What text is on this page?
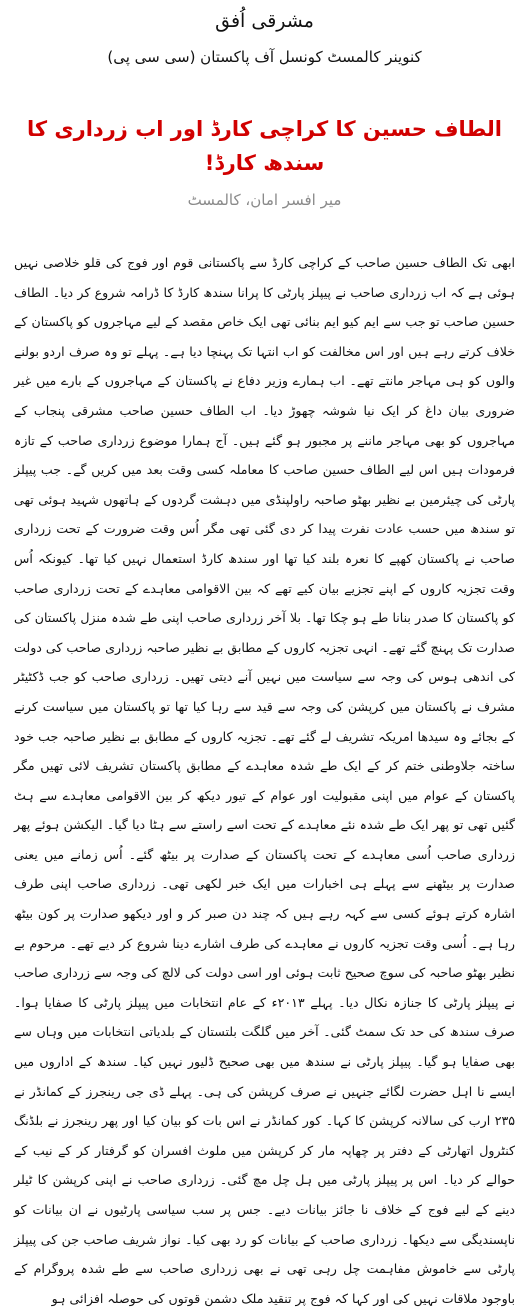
مشرقی اُفق

کنوینر کالمسٹ کونسل آف پاکستان (سی سی پی)

الطاف حسین کا کراچی کارڈ اور اب زرداری کا سندھ کارڈ!

میر افسر امان، کالمسٹ

ابھی تک الطاف حسین صاحب کے کراچی کارڈ سے پاکستانی قوم اور فوج کی قلو خلاصی نہیں ہوئی ہے کہ اب زرداری صاحب نے پیپلز پارٹی کا پرانا سندھ کارڈ کا ڈرامہ شروع کر دیا۔ الطاف حسین صاحب تو جب سے ایم کیو ایم بنائی تھی ایک خاص مقصد کے لیے مہاجروں کو پاکستان کے خلاف کرتے رہے ہیں اور اس مخالفت کو اب انتہا تک پہنچا دیا ہے۔ پہلے تو وہ صرف اردو بولنے والوں کو ہی مہاجر مانتے تھے۔ اب ہمارے وزیر دفاع نے پاکستان کے مہاجروں کے بارے میں غیر ضروری بیان داغ کر ایک نیا شوشہ چھوڑ دیا۔ اب الطاف حسین صاحب مشرقی پنجاب کے مہاجروں کو بھی مہاجر ماننے پر مجبور ہو گئے ہیں۔ آج ہمارا موضوع زرداری صاحب کے تازہ فرمودات ہیں اس لیے الطاف حسین صاحب کا معاملہ کسی وقت بعد میں کریں گے۔ جب پیپلز پارٹی کی چیئرمین بے نظیر بھٹو صاحبہ راولپنڈی میں دہشت گردوں کے ہاتھوں شہید ہوئی تھی تو سندھ میں حسب عادت نفرت پیدا کر دی گئی تھی مگر اُس وقت ضرورت کے تحت زرداری صاحب نے پاکستان کھپے کا نعرہ بلند کیا تھا اور سندھ کارڈ استعمال نہیں کیا تھا۔ کیونکہ اُس وقت تجزیہ کاروں کے اپنے تجزیے بیان کیے تھے کہ بین الاقوامی معاہدے کے تحت زرداری صاحب کو پاکستان کا صدر بنانا طے ہو چکا تھا۔ بلا آخر زرداری صاحب اپنی طے شدہ منزل پاکستان کی صدارت تک پہنچ گئے تھے۔ انہی تجزیہ کاروں کے مطابق بے نظیر صاحبہ زرداری صاحب کی دولت کی اندھی ہوس کی وجہ سے سیاست میں نہیں آنے دیتی تھیں۔ زرداری صاحب کو جب ڈکٹیٹر مشرف نے پاکستان میں کرپشن کی وجہ سے قید سے رہا کیا تھا تو پاکستان میں سیاست کرنے کے بجائے وہ سیدھا امریکہ تشریف لے گئے تھے۔ تجزیہ کاروں کے مطابق بے نظیر صاحبہ جب خود ساختہ جلاوطنی ختم کر کے ایک طے شدہ معاہدے کے مطابق پاکستان تشریف لائی تھیں مگر پاکستان کے عوام میں اپنی مقبولیت اور عوام کے تیور دیکھ کر بین الاقوامی معاہدے سے ہٹ گئیں تھی تو پھر ایک طے شدہ نئے معاہدے کے تحت اسے راستے سے ہٹا دیا گیا۔ الیکشن ہوئے پھر زرداری صاحب اُسی معاہدے کے تحت پاکستان کے صدارت پر بیٹھ گئے۔ اُس زمانے میں یعنی صدارت پر بیٹھنے سے پہلے ہی اخبارات میں ایک خبر لکھی تھی۔ زرداری صاحب اپنی طرف اشارہ کرتے ہوئے کسی سے کہہ رہے ہیں کہ چند دن صبر کر و اور دیکھو صدارت پر کون بیٹھ رہا ہے۔ اُسی وقت تجزیہ کاروں نے معاہدے کی طرف اشارے دینا شروع کر دیے تھے۔ مرحوم بے نظیر بھٹو صاحبہ کی سوچ صحیح ثابت ہوئی اور اسی دولت کی لالچ کی وجہ سے زرداری صاحب نے پیپلز پارٹی کا جنازہ نکال دیا۔ پہلے ۲۰۱۳ء کے عام انتخابات میں پیپلز پارٹی کا صفایا ہوا۔ صرف سندھ کی حد تک سمٹ گئی۔ آخر میں گلگت بلتستان کے بلدیاتی انتخابات میں وہاں سے بھی صفایا ہو گیا۔ پیپلز پارٹی نے سندھ میں بھی صحیح ڈلیور نہیں کیا۔ سندھ کے اداروں میں ایسے نا اہل حضرت لگائے جنہیں نے صرف کرپشن کی ہی۔ پہلے ڈی جی رینجرز کے کمانڈر نے ۲۳۵ ارب کی سالانہ کرپشن کا کہا۔ کور کمانڈر نے اس بات کو بیان کیا اور پھر رینجرز نے بلڈنگ کنٹرول اتھارٹی کے دفتر پر چھاپہ مار کر کرپشن میں ملوث افسران کو گرفتار کر کے نیب کے حوالے کر دیا۔ اس پر پیپلز پارٹی میں ہل چل مچ گئی۔ زرداری صاحب نے اپنی کرپشن کا ٹیلر دینے کے لیے فوج کے خلاف نا جائز بیانات دیے۔ جس پر سب سیاسی پارٹیوں نے ان بیانات کو ناپسندیگی سے دیکھا۔ زرداری صاحب کے بیانات کو رد بھی کیا۔ نواز شریف صاحب جن کی پیپلز پارٹی سے خاموش مفاہمت چل رہی تھی نے بھی زرداری صاحب سے طے شدہ پروگرام کے باوجود ملاقات نہیں کی اور کہا کہ فوج پر تنقید ملک دشمن قوتوں کی حوصلہ افزائی ہو
